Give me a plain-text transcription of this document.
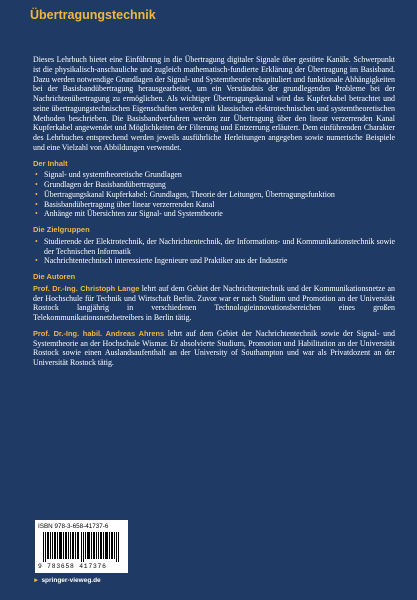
Übertragungstechnik

Dieses Lehrbuch bietet eine Einführung in die Übertragung digitaler Signale über gestörte Kanäle. Schwerpunkt ist die physikalisch-anschauliche und zugleich mathematisch-fundierte Erklärung der Übertragung im Basisband. Dazu werden notwendige Grundlagen der Signal- und Systemtheorie rekapituliert und funktionale Abhängigkeiten bei der Basisbandübertragung herausgearbeitet, um ein Verständnis der grundlegenden Probleme bei der Nachrichtenübertragung zu ermöglichen. Als wichtiger Übertragungskanal wird das Kupferkabel betrachtet und seine übertragungstechnischen Eigenschaften werden mit klassischen elektrotechnischen und systemtheoretischen Methoden beschrieben. Die Basisbandverfahren werden zur Übertragung über den linear verzerrenden Kanal Kupferkabel angewendet und Möglichkeiten der Filterung und Entzerrung erläutert. Dem einführenden Charakter des Lehrbuches entsprechend werden jeweils ausführliche Herleitungen angegeben sowie numerische Beispiele und eine Vielzahl von Abbildungen verwendet.

Der Inhalt
• Signal- und systemtheoretische Grundlagen
• Grundlagen der Basisbandübertragung
• Übertragungskanal Kupferkabel: Grundlagen, Theorie der Leitungen, Übertragungsfunktion
• Basisbandübertragung über linear verzerrenden Kanal
• Anhänge mit Übersichten zur Signal- und Systemtheorie
Die Zielgruppen
• Studierende der Elektrotechnik, der Nachrichtentechnik, der Informations- und Kommunikationstechnik sowie der Technischen Informatik
• Nachrichtentechnisch interessierte Ingenieure und Praktiker aus der Industrie
Die Autoren

Prof. Dr.-Ing. Christoph Lange lehrt auf dem Gebiet der Nachrichtentechnik und der Kommunikationsnetze an der Hochschule für Technik und Wirtschaft Berlin. Zuvor war er nach Studium und Promotion an der Universität Rostock langjährig in verschiedenen Technologieinnovationsbereichen eines großen Telekommunikationsnetzbetreibers in Berlin tätig.

Prof. Dr.-Ing. habil. Andreas Ahrens lehrt auf dem Gebiet der Nachrichtentechnik sowie der Signal- und Systemtheorie an der Hochschule Wismar. Er absolvierte Studium, Promotion und Habilitation an der Universität Rostock sowie einen Auslandsaufenthalt an der University of Southampton und war als Privatdozent an der Universität Rostock tätig.

ISBN 978-3-658-41737-6
9 783658 417376
► springer-vieweg.de
